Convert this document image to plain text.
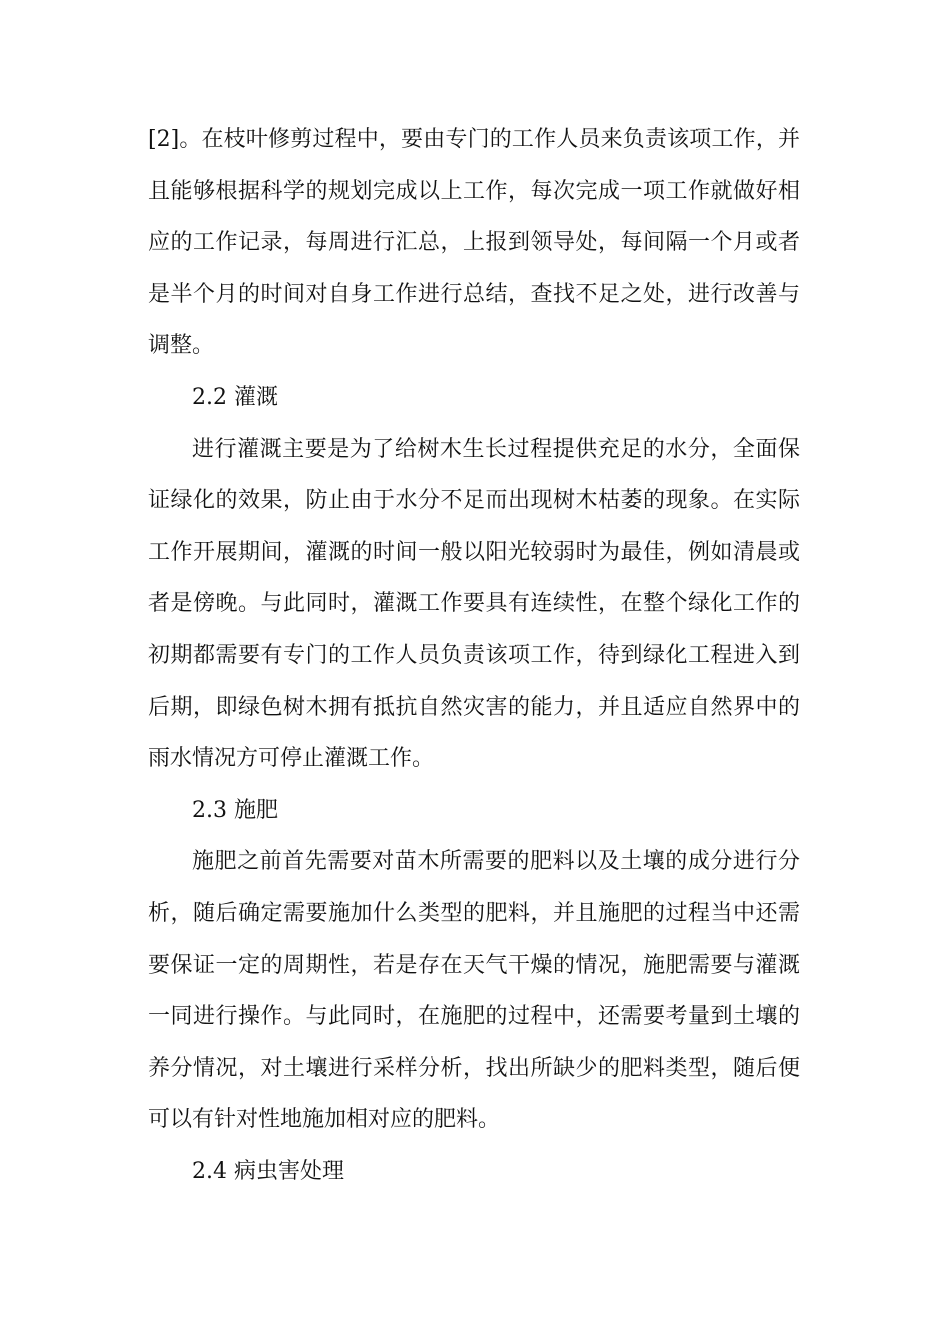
[2]。在枝叶修剪过程中，要由专门的工作人员来负责该项工作，并
且能够根据科学的规划完成以上工作，每次完成一项工作就做好相
应的工作记录，每周进行汇总，上报到领导处，每间隔一个月或者
是半个月的时间对自身工作进行总结，查找不足之处，进行改善与
调整。
2.2 灌溉
进行灌溉主要是为了给树木生长过程提供充足的水分，全面保
证绿化的效果，防止由于水分不足而出现树木枯萎的现象。在实际
工作开展期间，灌溉的时间一般以阳光较弱时为最佳，例如清晨或
者是傍晚。与此同时，灌溉工作要具有连续性，在整个绿化工作的
初期都需要有专门的工作人员负责该项工作，待到绿化工程进入到
后期，即绿色树木拥有抵抗自然灾害的能力，并且适应自然界中的
雨水情况方可停止灌溉工作。
2.3 施肥
施肥之前首先需要对苗木所需要的肥料以及土壤的成分进行分
析，随后确定需要施加什么类型的肥料，并且施肥的过程当中还需
要保证一定的周期性，若是存在天气干燥的情况，施肥需要与灌溉
一同进行操作。与此同时，在施肥的过程中，还需要考量到土壤的
养分情况，对土壤进行采样分析，找出所缺少的肥料类型，随后便
可以有针对性地施加相对应的肥料。
2.4 病虫害处理
